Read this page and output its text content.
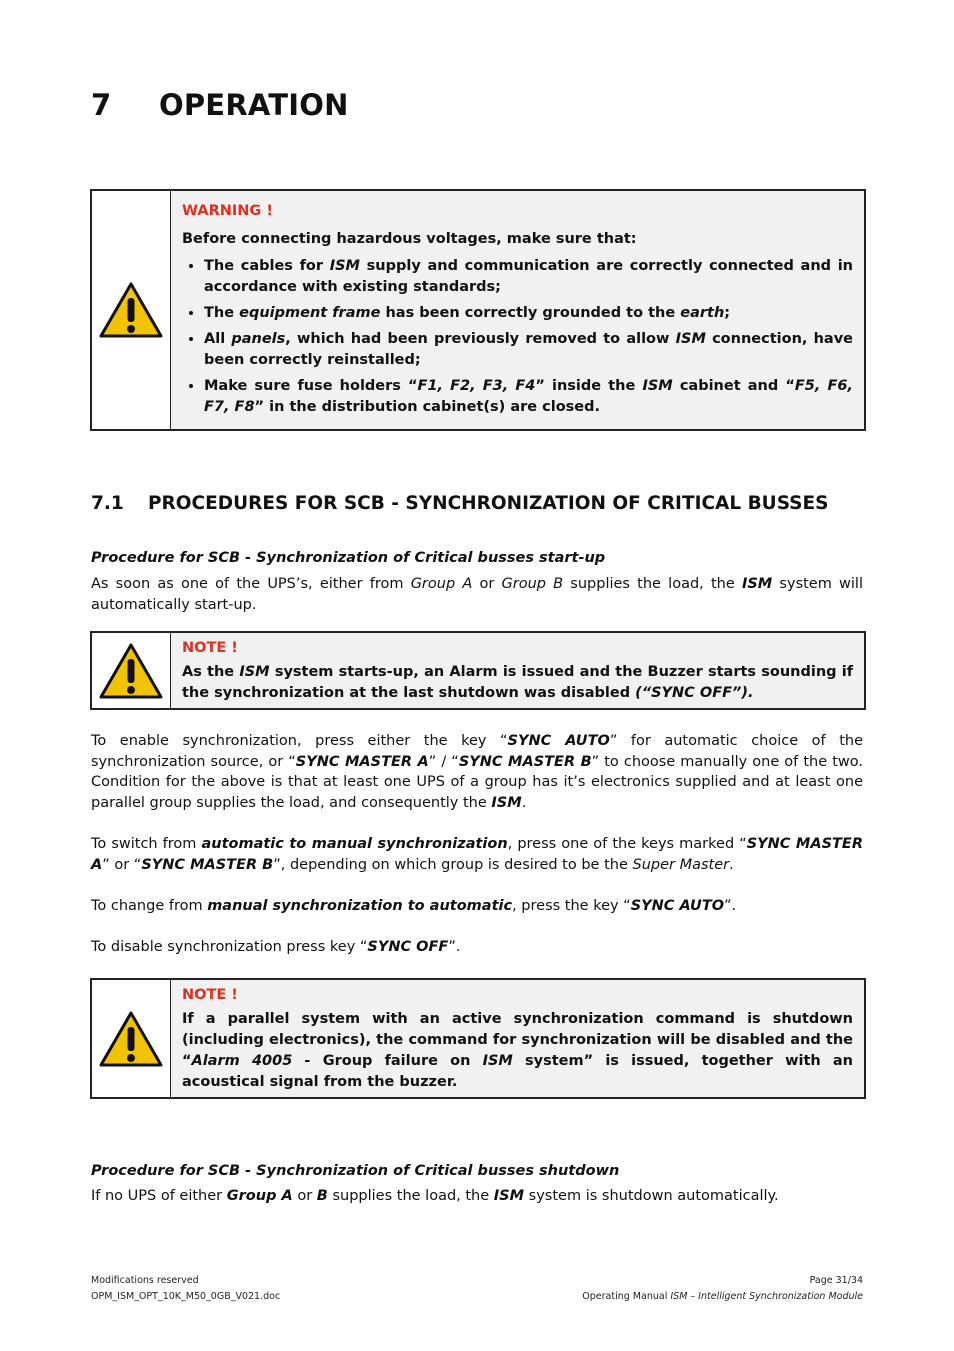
7 OPERATION
WARNING !

Before connecting hazardous voltages, make sure that:

• The cables for ISM supply and communication are correctly connected and in accordance with existing standards;
• The equipment frame has been correctly grounded to the earth;
• All panels, which had been previously removed to allow ISM connection, have been correctly reinstalled;
• Make sure fuse holders “F1, F2, F3, F4” inside the ISM cabinet and “F5, F6, F7, F8” in the distribution cabinet(s) are closed.
7.1 PROCEDURES FOR SCB - SYNCHRONIZATION OF CRITICAL BUSSES

Procedure for SCB - Synchronization of Critical busses start-up

As soon as one of the UPS’s, either from Group A or Group B supplies the load, the ISM system will automatically start-up.

NOTE !
As the ISM system starts-up, an Alarm is issued and the Buzzer starts sounding if the synchronization at the last shutdown was disabled (“SYNC OFF”).

To enable synchronization, press either the key “SYNC AUTO” for automatic choice of the synchronization source, or “SYNC MASTER A” / “SYNC MASTER B” to choose manually one of the two. Condition for the above is that at least one UPS of a group has it’s electronics supplied and at least one parallel group supplies the load, and consequently the ISM.

To switch from automatic to manual synchronization, press one of the keys marked “SYNC MASTER A” or “SYNC MASTER B”, depending on which group is desired to be the Super Master.

To change from manual synchronization to automatic, press the key “SYNC AUTO”.

To disable synchronization press key “SYNC OFF”.

NOTE !
If a parallel system with an active synchronization command is shutdown (including electronics), the command for synchronization will be disabled and the “Alarm 4005 - Group failure on ISM system” is issued, together with an acoustical signal from the buzzer.

Procedure for SCB - Synchronization of Critical busses shutdown

If no UPS of either Group A or B supplies the load, the ISM system is shutdown automatically.

Modifications reserved	Page 31/34
OPM_ISM_OPT_10K_M50_0GB_V021.doc	Operating Manual ISM – Intelligent Synchronization Module
